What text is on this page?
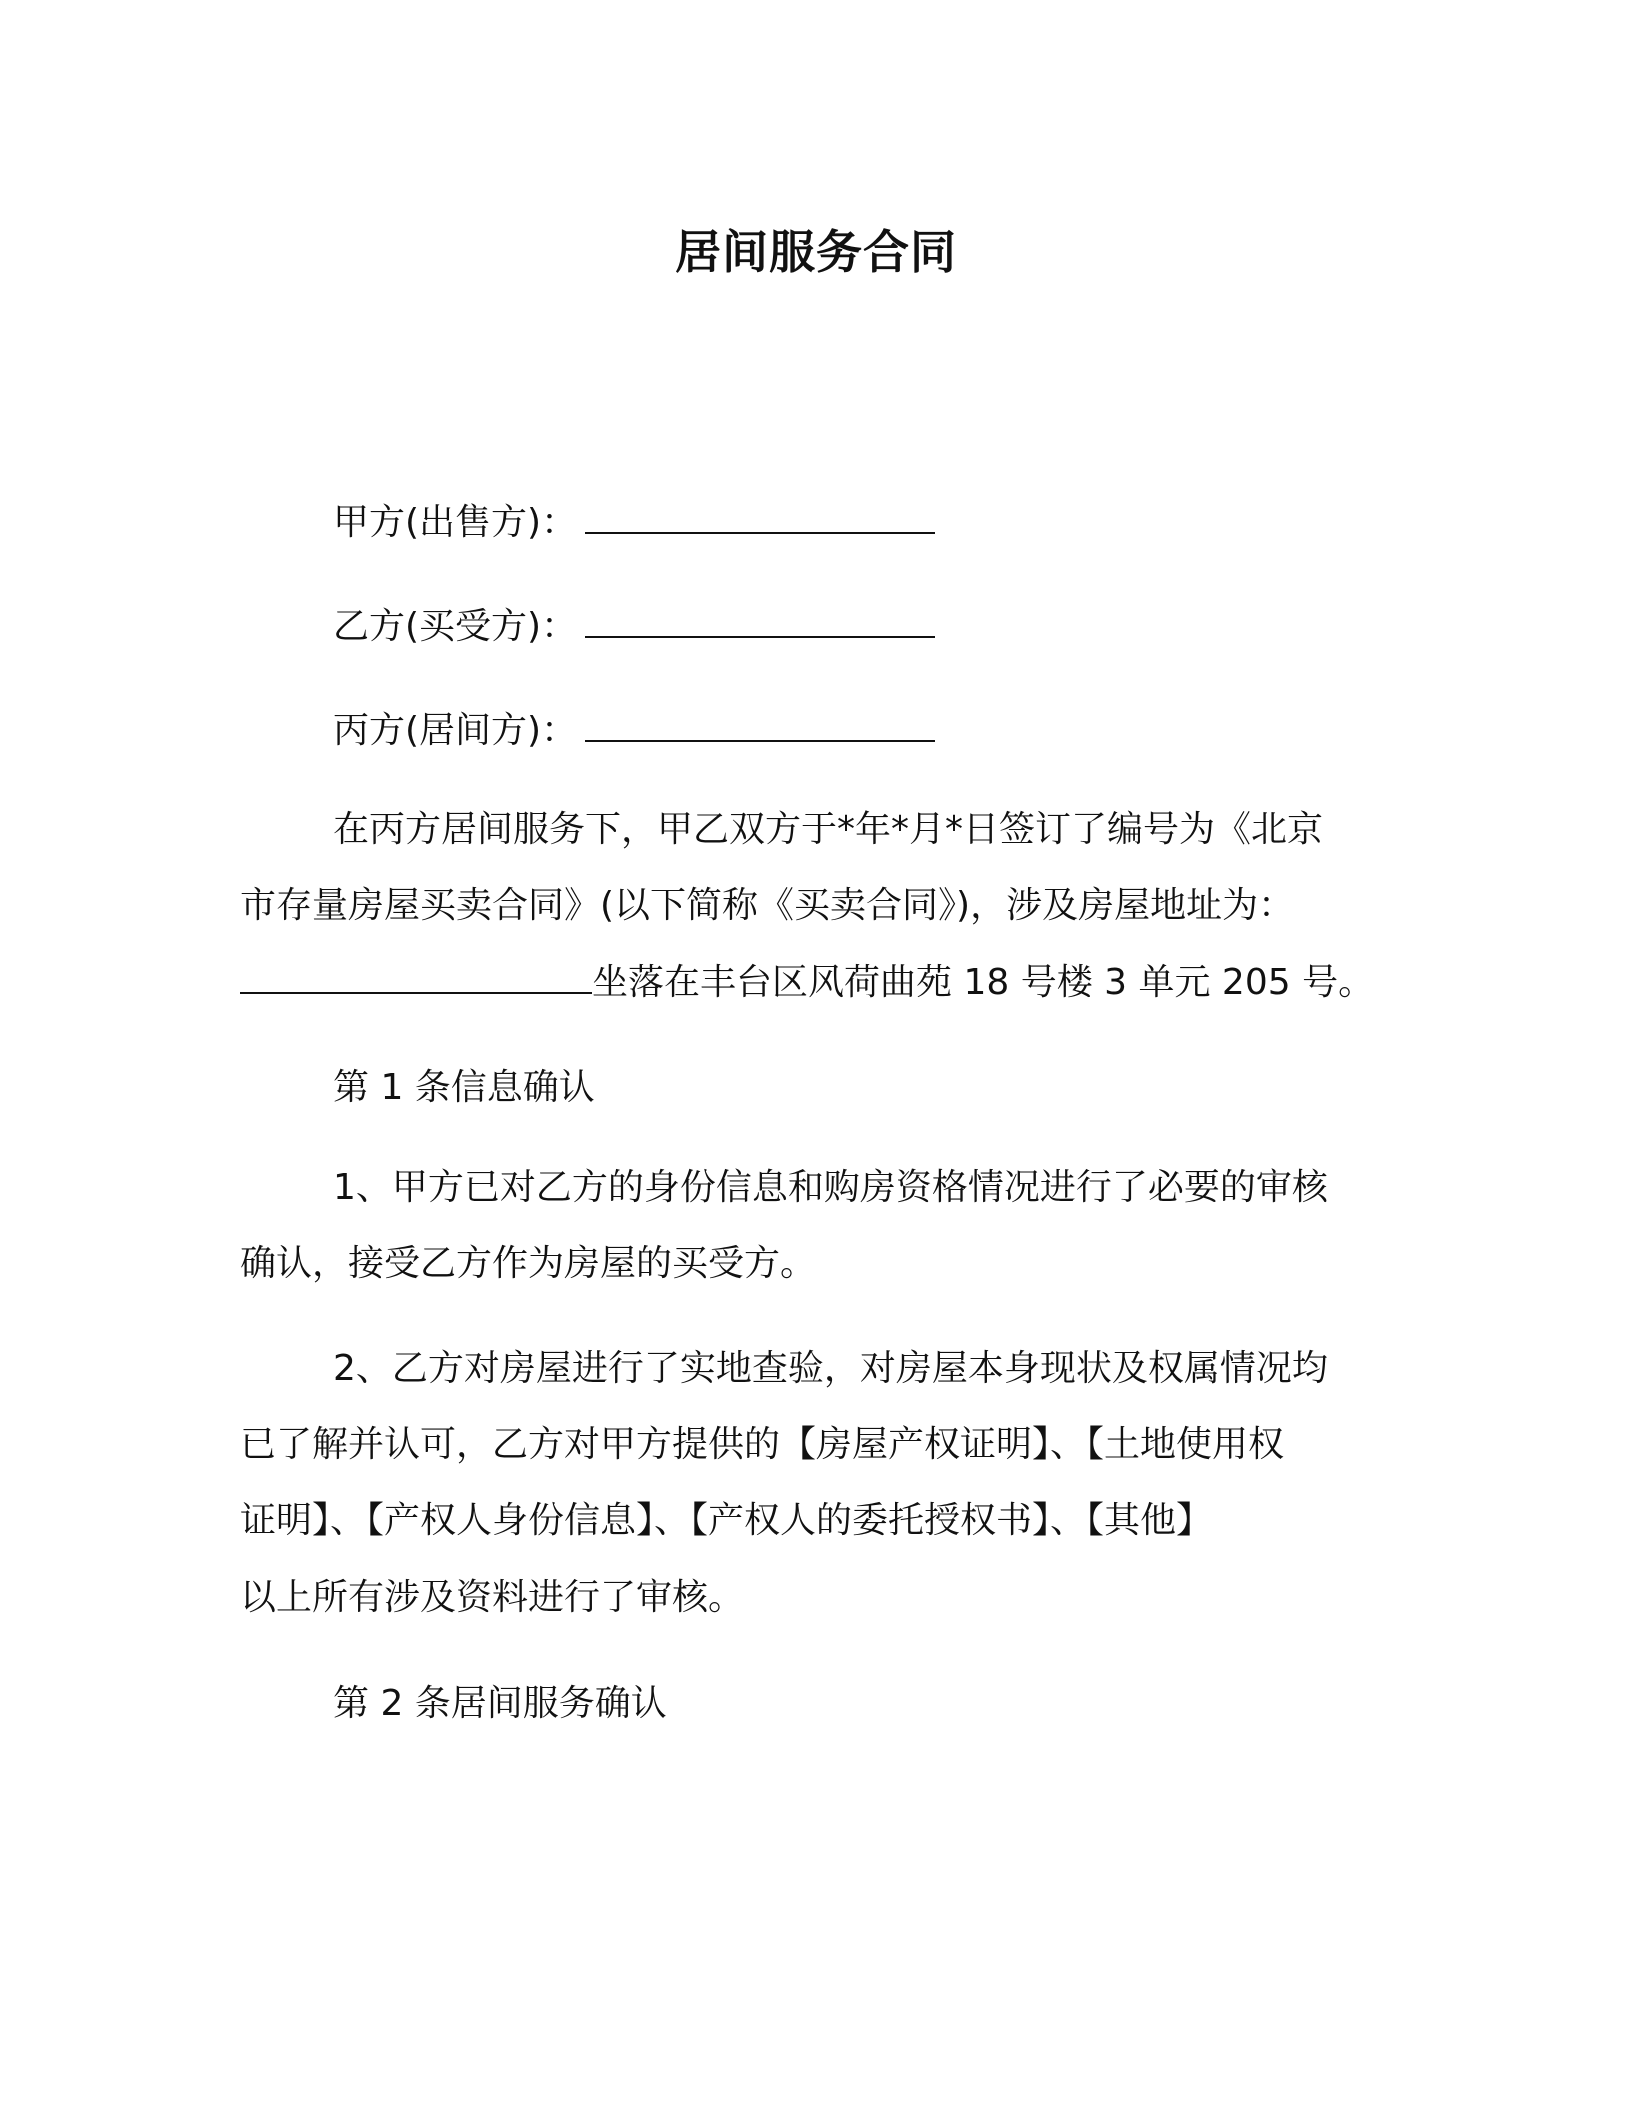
居间服务合同

甲方(出售方)：

乙方(买受方)：

丙方(居间方)：

在丙方居间服务下，甲乙双方于*年*月*日签订了编号为《北京

市存量房屋买卖合同》(以下简称《买卖合同》)，涉及房屋地址为：

坐落在丰台区风荷曲苑 18 号楼 3 单元 205 号。

第 1 条信息确认

1、甲方已对乙方的身份信息和购房资格情况进行了必要的审核

确认，接受乙方作为房屋的买受方。

2、乙方对房屋进行了实地查验，对房屋本身现状及权属情况均

已了解并认可，乙方对甲方提供的【房屋产权证明】、【土地使用权

证明】、【产权人身份信息】、【产权人的委托授权书】、【其他】

以上所有涉及资料进行了审核。

第 2 条居间服务确认
